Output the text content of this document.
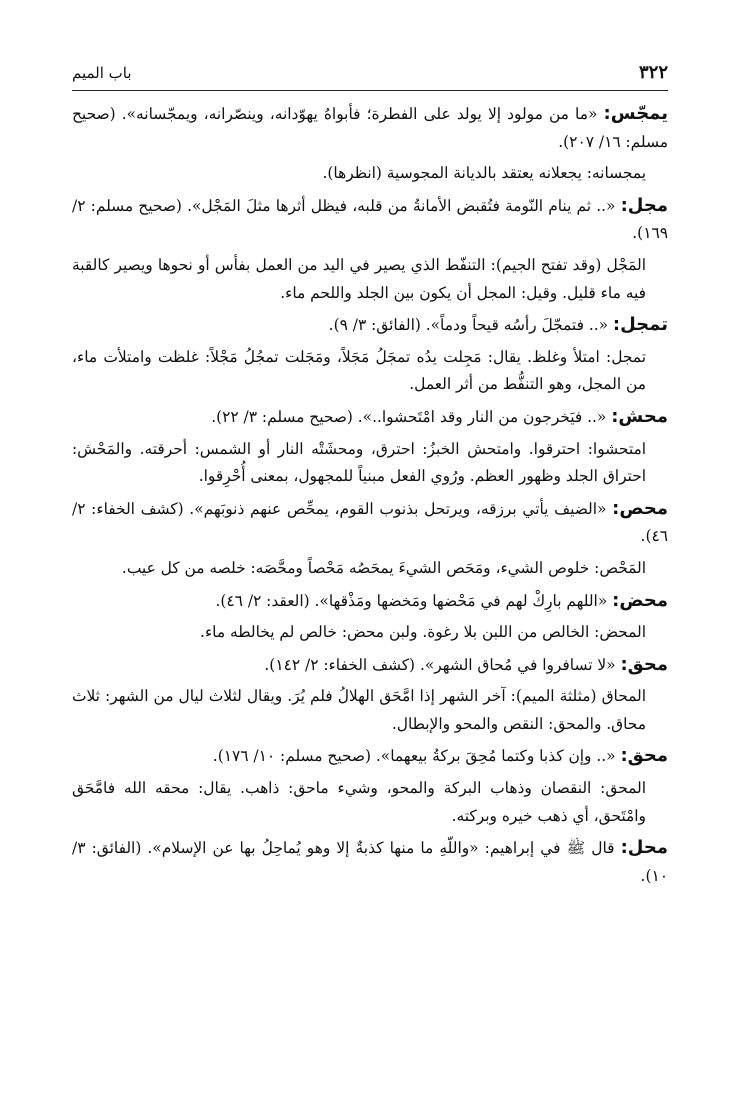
٣٢٢
باب الميم

يمجّس: «ما من مولود إلا يولد على الفطرة؛ فأبواهُ يهوّدانه، وينصّرانه، ويمجّسانه». (صحيح مسلم: ١٦/ ٢٠٧).

يمجسانه: يجعلانه يعتقد بالديانة المجوسية (انظرها).

مجل: «.. ثم ينام النّومة فتُقبض الأمانةُ من قلبه، فيظل أثرها مثلَ المَجْل». (صحيح مسلم: ٢/ ١٦٩).

المَجْل (وقد تفتح الجيم): التنفّط الذي يصير في اليد من العمل بفأس أو نحوها ويصير كالقبة فيه ماء قليل. وقيل: المجل أن يكون بين الجلد واللحم ماء.

تمجل: «.. فتمجّلَ رأسُه قيحاً ودماً». (الفائق: ٣/ ٩).

تمجل: امتلأ وغلظ. يقال: مَجِلت يدُه تمجَلُ مَجَلاً، ومَجَلت تمجُلُ مَجْلاً: غلظت وامتلأت ماء، من المجل، وهو التنفُّط من أثر العمل.

محش: «.. فيَخرجون من النار وقد امْتَحشوا..». (صحيح مسلم: ٣/ ٢٢).

امتحشوا: احترقوا. وامتحش الخبزُ: احترق، ومحشَتْه النار أو الشمس: أحرقته. والمَحْش: احتراق الجلد وظهور العظم. ورُوي الفعل مبنياً للمجهول، بمعنى أُحْرِقوا.

محص: «الضيف يأتي برزقه، ويرتحل بذنوب القوم، يمحِّص عنهم ذنوبَهم». (كشف الخفاء: ٢/ ٤٦).

المَحْص: خلوص الشيء، ومَحَص الشيءَ يمحَصُه مَحْصاً ومحَّصَه: خلصه من كل عيب.

محض: «اللهم بارِكْ لهم في مَحْضها ومَخضها ومَذْقها». (العقد: ٢/ ٤٦).

المحض: الخالص من اللبن بلا رغوة. ولبن محض: خالص لم يخالطه ماء.

محق: «لا تسافروا في مُحاق الشهر». (كشف الخفاء: ٢/ ١٤٢).

المحاق (مثلثة الميم): آخر الشهر إذا امَّحَق الهلالُ فلم يُرَ. ويقال لثلاث ليال من الشهر: ثلاث محاق. والمحق: النقص والمحو والإبطال.

محق: «.. وإن كذبا وكتما مُحِقَ بركةُ بيعهما». (صحيح مسلم: ١٠/ ١٧٦).

المحق: النقصان وذهاب البركة والمحو، وشيء ماحق: ذاهب. يقال: محقه الله فامَّحَق وامْتَحق، أي ذهب خيره وبركته.

محل: قال ﷺ في إبراهيم: «واللّهِ ما منها كذبةٌ إلا وهو يُماحِلُ بها عن الإسلام». (الفائق: ٣/ ١٠).
